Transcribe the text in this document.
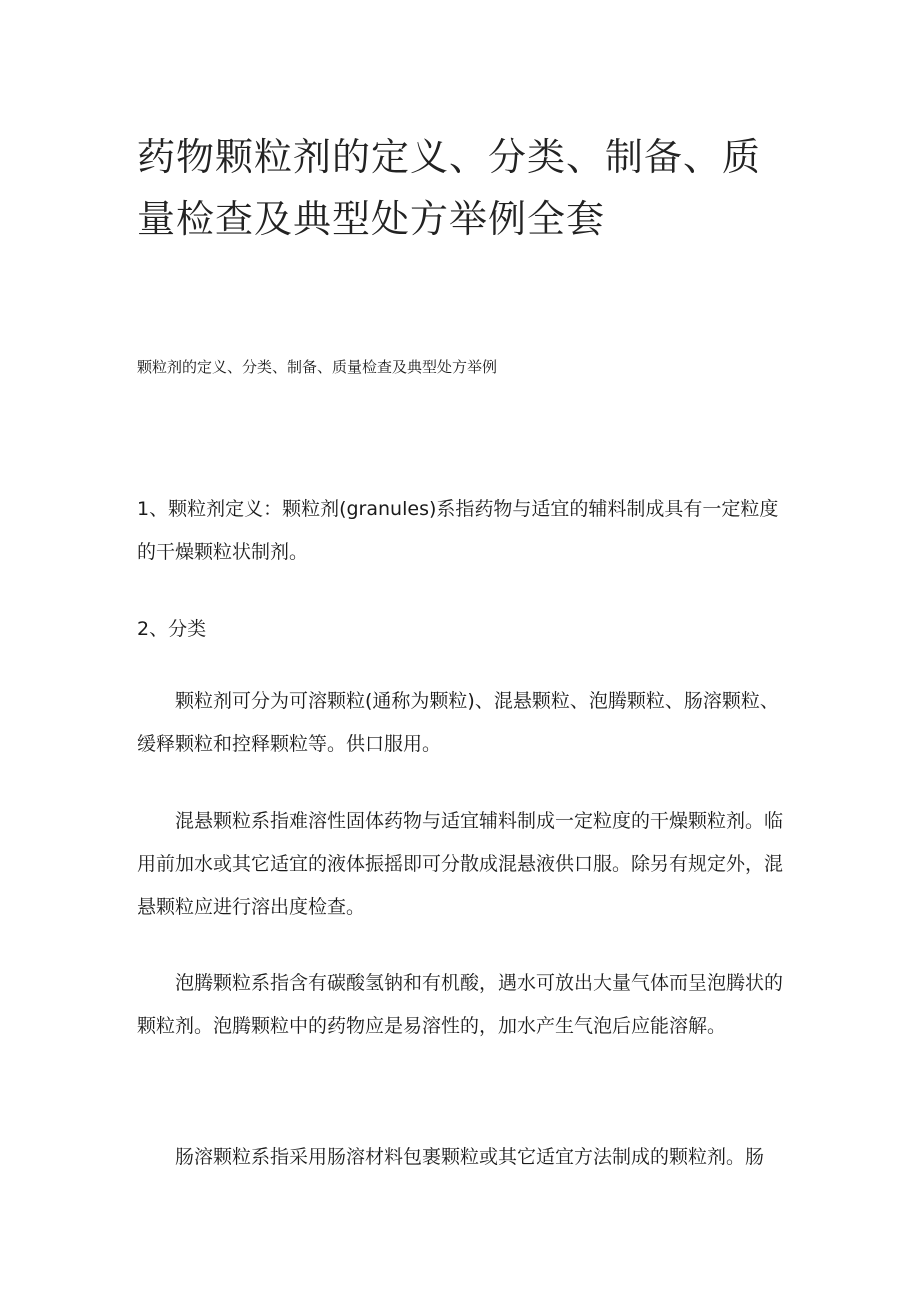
药物颗粒剂的定义、分类、制备、质量检查及典型处方举例全套

颗粒剂的定义、分类、制备、质量检查及典型处方举例

1、颗粒剂定义：颗粒剂(granules)系指药物与适宜的辅料制成具有一定粒度的干燥颗粒状制剂。

2、分类

颗粒剂可分为可溶颗粒(通称为颗粒)、混悬颗粒、泡腾颗粒、肠溶颗粒、缓释颗粒和控释颗粒等。供口服用。

混悬颗粒系指难溶性固体药物与适宜辅料制成一定粒度的干燥颗粒剂。临用前加水或其它适宜的液体振摇即可分散成混悬液供口服。除另有规定外，混悬颗粒应进行溶出度检查。

泡腾颗粒系指含有碳酸氢钠和有机酸，遇水可放出大量气体而呈泡腾状的颗粒剂。泡腾颗粒中的药物应是易溶性的，加水产生气泡后应能溶解。

肠溶颗粒系指采用肠溶材料包裹颗粒或其它适宜方法制成的颗粒剂。肠
